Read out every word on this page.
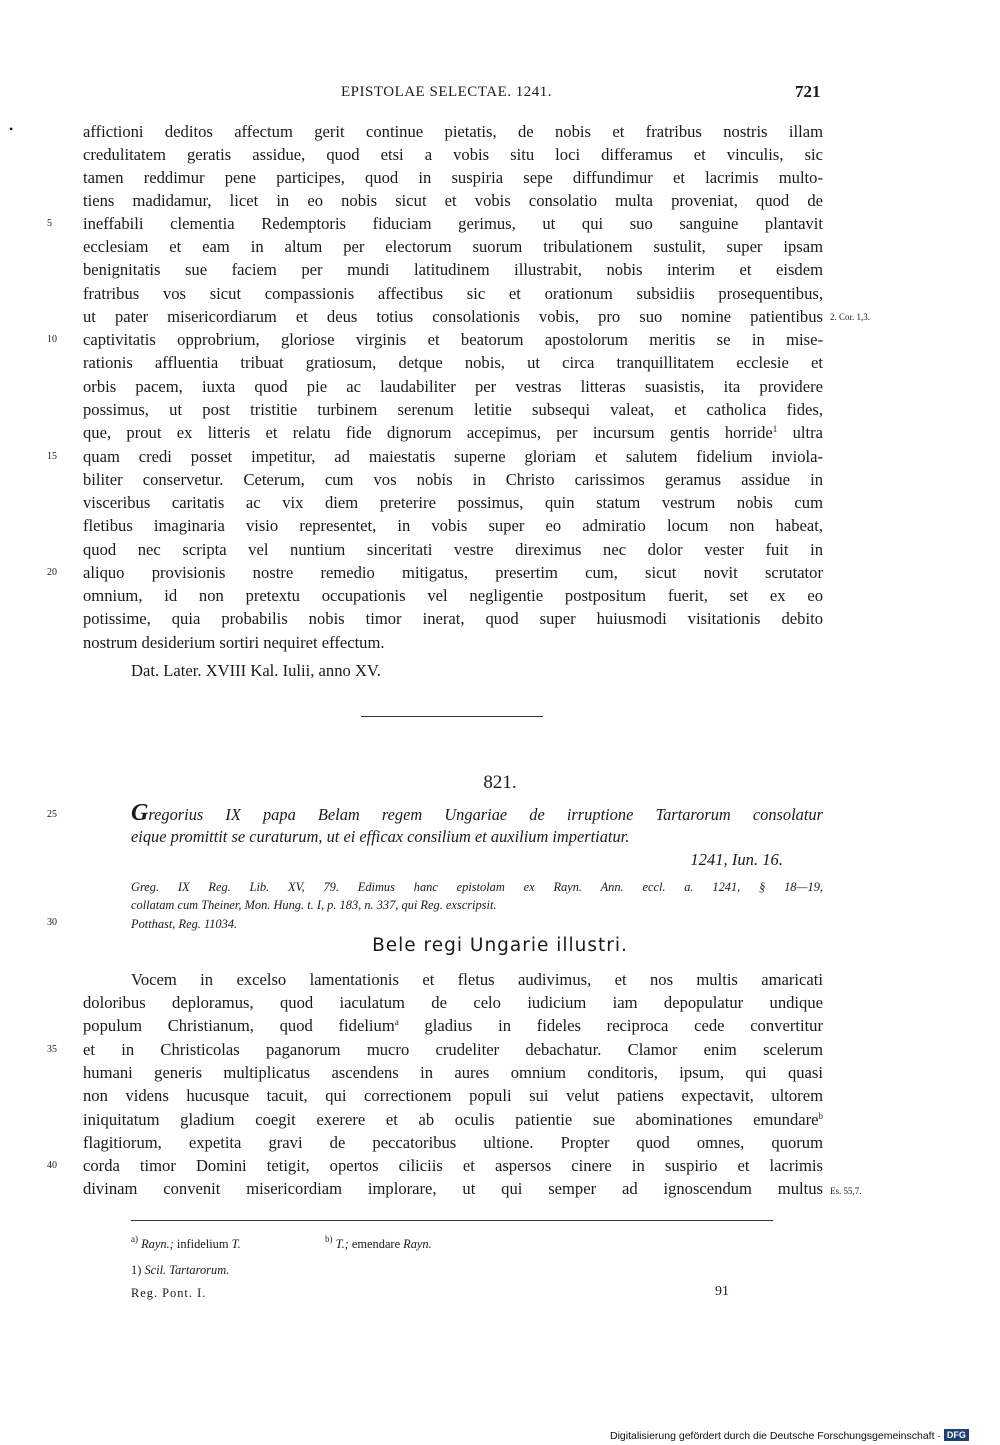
EPISTOLAE SELECTAE. 1241.	721
•	affictioni deditos affectum gerit continue pietatis, de nobis et fratribus nostris illam
credulitatem geratis assidue, quod etsi a vobis situ loci differamus et vinculis, sic
tamen reddimur pene participes, quod in suspiria sepe diffundimur et lacrimis multo-
tiens madidamur, licet in eo nobis sicut et vobis consolatio multa proveniat, quod de
ineffabili clementia Redemptoris fiduciam gerimus, ut qui suo sanguine plantavit
ecclesiam et eam in altum per electorum suorum tribulationem sustulit, super ipsam
benignitatis sue faciem per mundi latitudinem illustrabit, nobis interim et eisdem
fratribus vos sicut compassionis affectibus sic et orationum subsidiis prosequentibus,
ut pater misericordiarum et deus totius consolationis vobis, pro suo nomine patientibus
captivitatis opprobrium, gloriose virginis et beatorum apostolorum meritis se in mise-
rationis affluentia tribuat gratiosum, detque nobis, ut circa tranquillitatem ecclesie et
orbis pacem, iuxta quod pie ac laudabiliter per vestras litteras suasistis, ita providere
possimus, ut post tristitie turbinem serenum letitie subsequi valeat, et catholica fides,
que, prout ex litteris et relatu fide dignorum accepimus, per incursum gentis horride$^1$ ultra
quam credi posset impetitur, ad maiestatis superne gloriam et salutem fidelium inviola-
biliter conservetur. Ceterum, cum vos nobis in Christo carissimos geramus assidue in
visceribus caritatis ac vix diem preterire possimus, quin statum vestrum nobis cum
fletibus imaginaria visio representet, in vobis super eo admiratio locum non habeat,
quod nec scripta vel nuntium sinceritati vestre direximus nec dolor vester fuit in
aliquo provisionis nostre remedio mitigatus, presertim cum, sicut novit scrutator
omnium, id non pretextu occupationis vel negligentie postpositum fuerit, set ex eo
potissime, quia probabilis nobis timor inerat, quod super huiusmodi visitationis debito
nostrum desiderium sortiri nequiret effectum.
5
10
15
20
2. Cor. 1,3.
Dat. Later. XVIII Kal. Iulii, anno XV.
821.
25	Gregorius IX papa Belam regem Ungariae de irruptione Tartarorum consolatur
eique promittit se curaturum, ut ei efficax consilium et auxilium impertiatur.
1241, Iun. 16.
Greg. IX Reg. Lib. XV, 79. Edimus hanc epistolam ex Rayn. Ann. eccl. a. 1241, § 18—19,
collatam cum Theiner, Mon. Hung. t. I, p. 183, n. 337, qui Reg. exscripsit.
Potthast, Reg. 11034.
30
Bele regi Ungarie illustri.
Vocem in excelso lamentationis et fletus audivimus, et nos multis amaricati
doloribus deploramus, quod iaculatum de celo iudicium iam depopulatur undique
populum Christianum, quod fidelium$^a$ gladius in fideles reciproca cede convertitur
et in Christicolas paganorum mucro crudeliter debachatur. Clamor enim scelerum
humani generis multiplicatus ascendens in aures omnium conditoris, ipsum, qui quasi
non videns hucusque tacuit, qui correctionem populi sui velut patiens expectavit, ultorem
iniquitatum gladium coegit exerere et ab oculis patientie sue abominationes emundare$^b$
flagitiorum, expetita gravi de peccatoribus ultione. Propter quod omnes, quorum
corda timor Domini tetigit, opertos ciliciis et aspersos cinere in suspirio et lacrimis
divinam convenit misericordiam implorare, ut qui semper ad ignoscendum multus
35
40
Es. 55,7.
$^{a)}$ Rayn.; infidelium T.	$^{b)}$ T.; emendare Rayn.
1) Scil. Tartarorum.
Reg. Pont. I.	91
Digitalisierung gefördert durch die Deutsche Forschungsgemeinschaft · DFG
